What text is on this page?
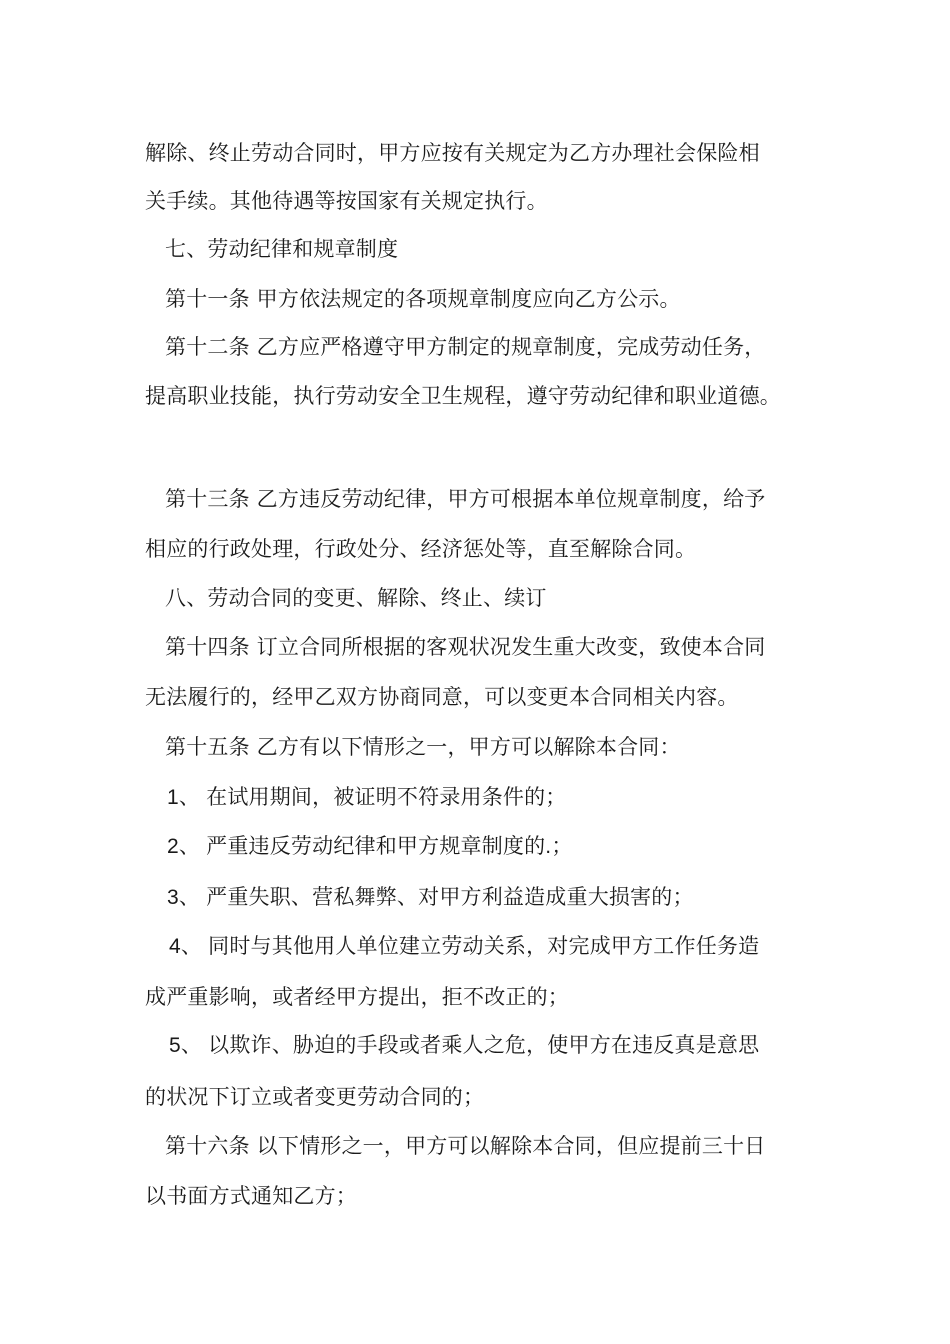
解除、终止劳动合同时，甲方应按有关规定为乙方办理社会保险相

关手续。其他待遇等按国家有关规定执行。

七、劳动纪律和规章制度

第十一条 甲方依法规定的各项规章制度应向乙方公示。

第十二条 乙方应严格遵守甲方制定的规章制度，完成劳动任务，

提高职业技能，执行劳动安全卫生规程，遵守劳动纪律和职业道德。

第十三条 乙方违反劳动纪律，甲方可根据本单位规章制度，给予

相应的行政处理，行政处分、经济惩处等，直至解除合同。

八、劳动合同的变更、解除、终止、续订

第十四条 订立合同所根据的客观状况发生重大改变，致使本合同

无法履行的，经甲乙双方协商同意，可以变更本合同相关内容。

第十五条 乙方有以下情形之一，甲方可以解除本合同：

1、 在试用期间，被证明不符录用条件的；

2、 严重违反劳动纪律和甲方规章制度的.；

3、 严重失职、营私舞弊、对甲方利益造成重大损害的；

4、 同时与其他用人单位建立劳动关系，对完成甲方工作任务造

成严重影响，或者经甲方提出，拒不改正的；

5、 以欺诈、胁迫的手段或者乘人之危，使甲方在违反真是意思

的状况下订立或者变更劳动合同的；

第十六条 以下情形之一，甲方可以解除本合同，但应提前三十日

以书面方式通知乙方；
